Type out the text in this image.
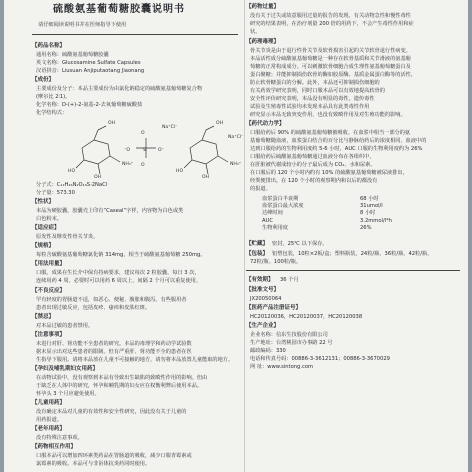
硫酸氨基葡萄糖胶囊说明书
请仔细阅读说明书并在医师指导下使用
【药品名称】
通用名称：硫酸氨基葡萄糖胶囊
英文名称：Glucosamine Sulfate Capsules
汉语拼音：Liusuan Anjiputaotang Jiaonang
【成份】
主要成份及分子：本品主要成份为由氯化钠稳定的硫酸氨基葡萄糖复合物
(摩尔比 2∶1)。
化学名称：D-(+)-2-氨基-2-去氧葡萄糖硫酸盐
化学结构式：
OH
HO
NH₃⁺
OH
O
O
S
⁻O	O⁻
OH
HO
NH₃⁺
OH
Na⁺Cl⁻
Na⁺Cl⁻
分子式：C₁₂H₂₆N₂O₁₀S·2NaCl
分子量：573.30
【性状】
本品为硬胶囊，胶囊壳上印有“Caseal”字样，内容物为白色或类
白色粉末。
【适应症】
原发性及继发性骨关节炎。
【规格】
每粒含硫酸氨基葡萄糖氯化钠 314mg，相当于硫酸氨基葡萄糖 250mg。
【用法用量】
口服。成果在生长介中保有持病要求，建议每次 2 粒胶囊，每日 3 次，
连续用药 4 周，必要时可以用药 6 周以上，间隔 2 个月可以重复使用。
【不良反应】
罕有轻度的胃肠道不适，如恶心、便秘、腹胀和腹泻。有些服用者
患者出现过敏反应，包括皮疹、瘙痒和皮肤红斑。
【禁忌】
对本品过敏的患者禁用。
【注意事项】
未进行对肝、肾功能不全患者的研究。本品的毒理学和药动学试验数
据未显示出对这些患者的限制。但有严重肝、肾功能不全的患者在医
生指导下服用。请将本品放在儿童不可接触的地方，请勿将本品放置儿童能取的地方。
【孕妇及哺乳期妇女用药】
在动物试验中，没有观察到本品有导致出生缺陷的致畸性作用的影响。但由
于缺乏在人体中的研究，怀孕和哺乳期的妇女应在权衡利弊后使用本品。
怀孕头 3 个月应避免使用。
【儿童用药】
没有确定本品对儿童的有效性和安全性研究，因此没有关于儿童的
用药报道。
【老年用药】
没有特殊注意事项。
【药物相互作用】
口服本品可以增加四环素类药品在胃肠道的吸收，减少口服青霉素或
氯霉素的吸收。本品可与非甾体抗炎药同时使用。
【药物过量】
没有关于过失或故意服用过量的报告的发现，有关动物急性和慢性毒性
研究的结果表明，在治疗剂量 200 倍的用药下，不会产生毒性作用和症
状。
【药理毒理】
骨关节炎是由于退行性骨关节及软骨损害引起的关节软骨退行性病变。
本品活性成分硫酸氨基葡萄糖是一种存在软骨基质和关节滑液的氨基葡
萄糖的正常构成成分。可以刺激软骨细胞合成生理性氨基葡萄糖蛋白及
蛋白聚糖；并能抑制损伤软骨的酶如胶原酶、基质金属蛋白酶等的活性，
防止软骨糖蛋白的分解。此外，本品还可抑制损伤细胞的
有关药效学研究表明，同时口服本品可以有效地提高软骨的
安全性评价研究表明，本品没有明显的毒性。遗传毒性
试验及生殖毒性试验均未发现本品具有此类毒性作用
研究显示本品无致突变作用，也没有致畸作用及对生殖功能的影响。
【药代动力学】
口服给药后 90% 的硫酸氨基葡萄糖被吸收。在血浆中相当一部分的氨
基葡萄糖随血液，血浆蛋白结合的百分比与静脉给药后的浓度相同，血液中的
达到口服给药的生物利用度约 5-6 小时，AUC 口服的生物利用度约为 26%
口服给药后硫酸氨基葡萄糖通过血液分布在各组织中，
在肝脏被代谢成较小的分子最后成为 CO₂、水和尿素。
在口服后的 120 个小时内约有 10% 的硫酸氨基葡萄糖被尿液排出，
经粪便排出。在 120 个小时的观察期内和以后的都没有
的报道。
血浆蛋白半衰期	68 小时
血浆蛋白最大浓度	31umol/l
达峰时间	8 小时
AUC	3.2mmol/l*h
生物利用度	26%
【贮藏】 密封，25℃ 以下保存。
【包装】 铝塑包装，10粒×2板/盒；塑料瓶装，24粒/瓶、36粒/瓶、42粒/瓶、
72粒/瓶、100粒/瓶。
【有效期】 36 个月
【批准文号】
JX20050064
【医药产品注册证号】
HC20120036，HC20120037，HC20120038
【生产企业】
企业名称：信东生技股份有限公司
生产地址：台湾桃园市办事路 22 号
邮政编码：330
电话和传真号码：00886-3-3612131；00886-3-3670029
网 址：www.sintong.com
